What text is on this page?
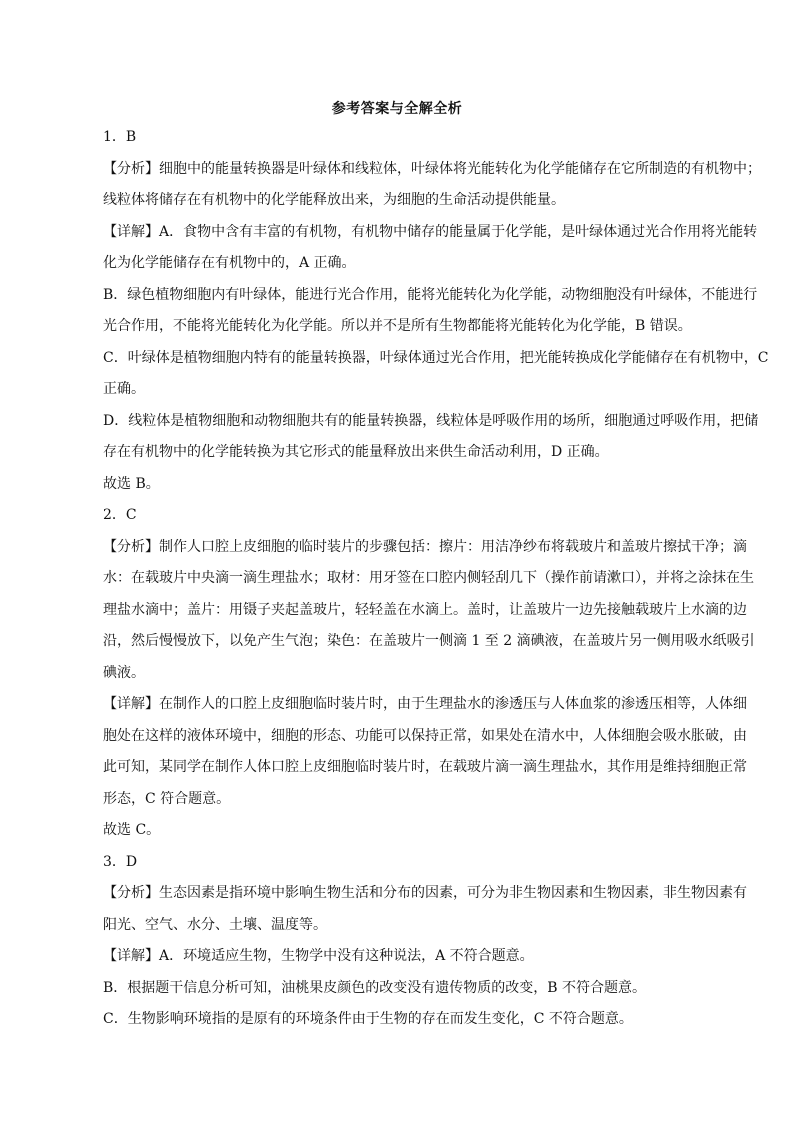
参考答案与全解全析
1．B
【分析】细胞中的能量转换器是叶绿体和线粒体，叶绿体将光能转化为化学能储存在它所制造的有机物中；
线粒体将储存在有机物中的化学能释放出来，为细胞的生命活动提供能量。
【详解】A．食物中含有丰富的有机物，有机物中储存的能量属于化学能，是叶绿体通过光合作用将光能转
化为化学能储存在有机物中的，A 正确。
B．绿色植物细胞内有叶绿体，能进行光合作用，能将光能转化为化学能，动物细胞没有叶绿体，不能进行
光合作用，不能将光能转化为化学能。所以并不是所有生物都能将光能转化为化学能，B 错误。
C．叶绿体是植物细胞内特有的能量转换器，叶绿体通过光合作用，把光能转换成化学能储存在有机物中，C
正确。
D．线粒体是植物细胞和动物细胞共有的能量转换器，线粒体是呼吸作用的场所，细胞通过呼吸作用，把储
存在有机物中的化学能转换为其它形式的能量释放出来供生命活动利用，D 正确。
故选 B。
2．C
【分析】制作人口腔上皮细胞的临时装片的步骤包括：擦片：用洁净纱布将载玻片和盖玻片擦拭干净；滴
水：在载玻片中央滴一滴生理盐水；取材：用牙签在口腔内侧轻刮几下（操作前请漱口），并将之涂抹在生
理盐水滴中；盖片：用镊子夹起盖玻片，轻轻盖在水滴上。盖时，让盖玻片一边先接触载玻片上水滴的边
沿，然后慢慢放下，以免产生气泡；染色：在盖玻片一侧滴 1 至 2 滴碘液，在盖玻片另一侧用吸水纸吸引
碘液。
【详解】在制作人的口腔上皮细胞临时装片时，由于生理盐水的渗透压与人体血浆的渗透压相等，人体细
胞处在这样的液体环境中，细胞的形态、功能可以保持正常，如果处在清水中，人体细胞会吸水胀破，由
此可知，某同学在制作人体口腔上皮细胞临时装片时，在载玻片滴一滴生理盐水，其作用是维持细胞正常
形态，C 符合题意。
故选 C。
3．D
【分析】生态因素是指环境中影响生物生活和分布的因素，可分为非生物因素和生物因素，非生物因素有
阳光、空气、水分、土壤、温度等。
【详解】A．环境适应生物，生物学中没有这种说法，A 不符合题意。
B．根据题干信息分析可知，油桃果皮颜色的改变没有遗传物质的改变，B 不符合题意。
C．生物影响环境指的是原有的环境条件由于生物的存在而发生变化，C 不符合题意。
